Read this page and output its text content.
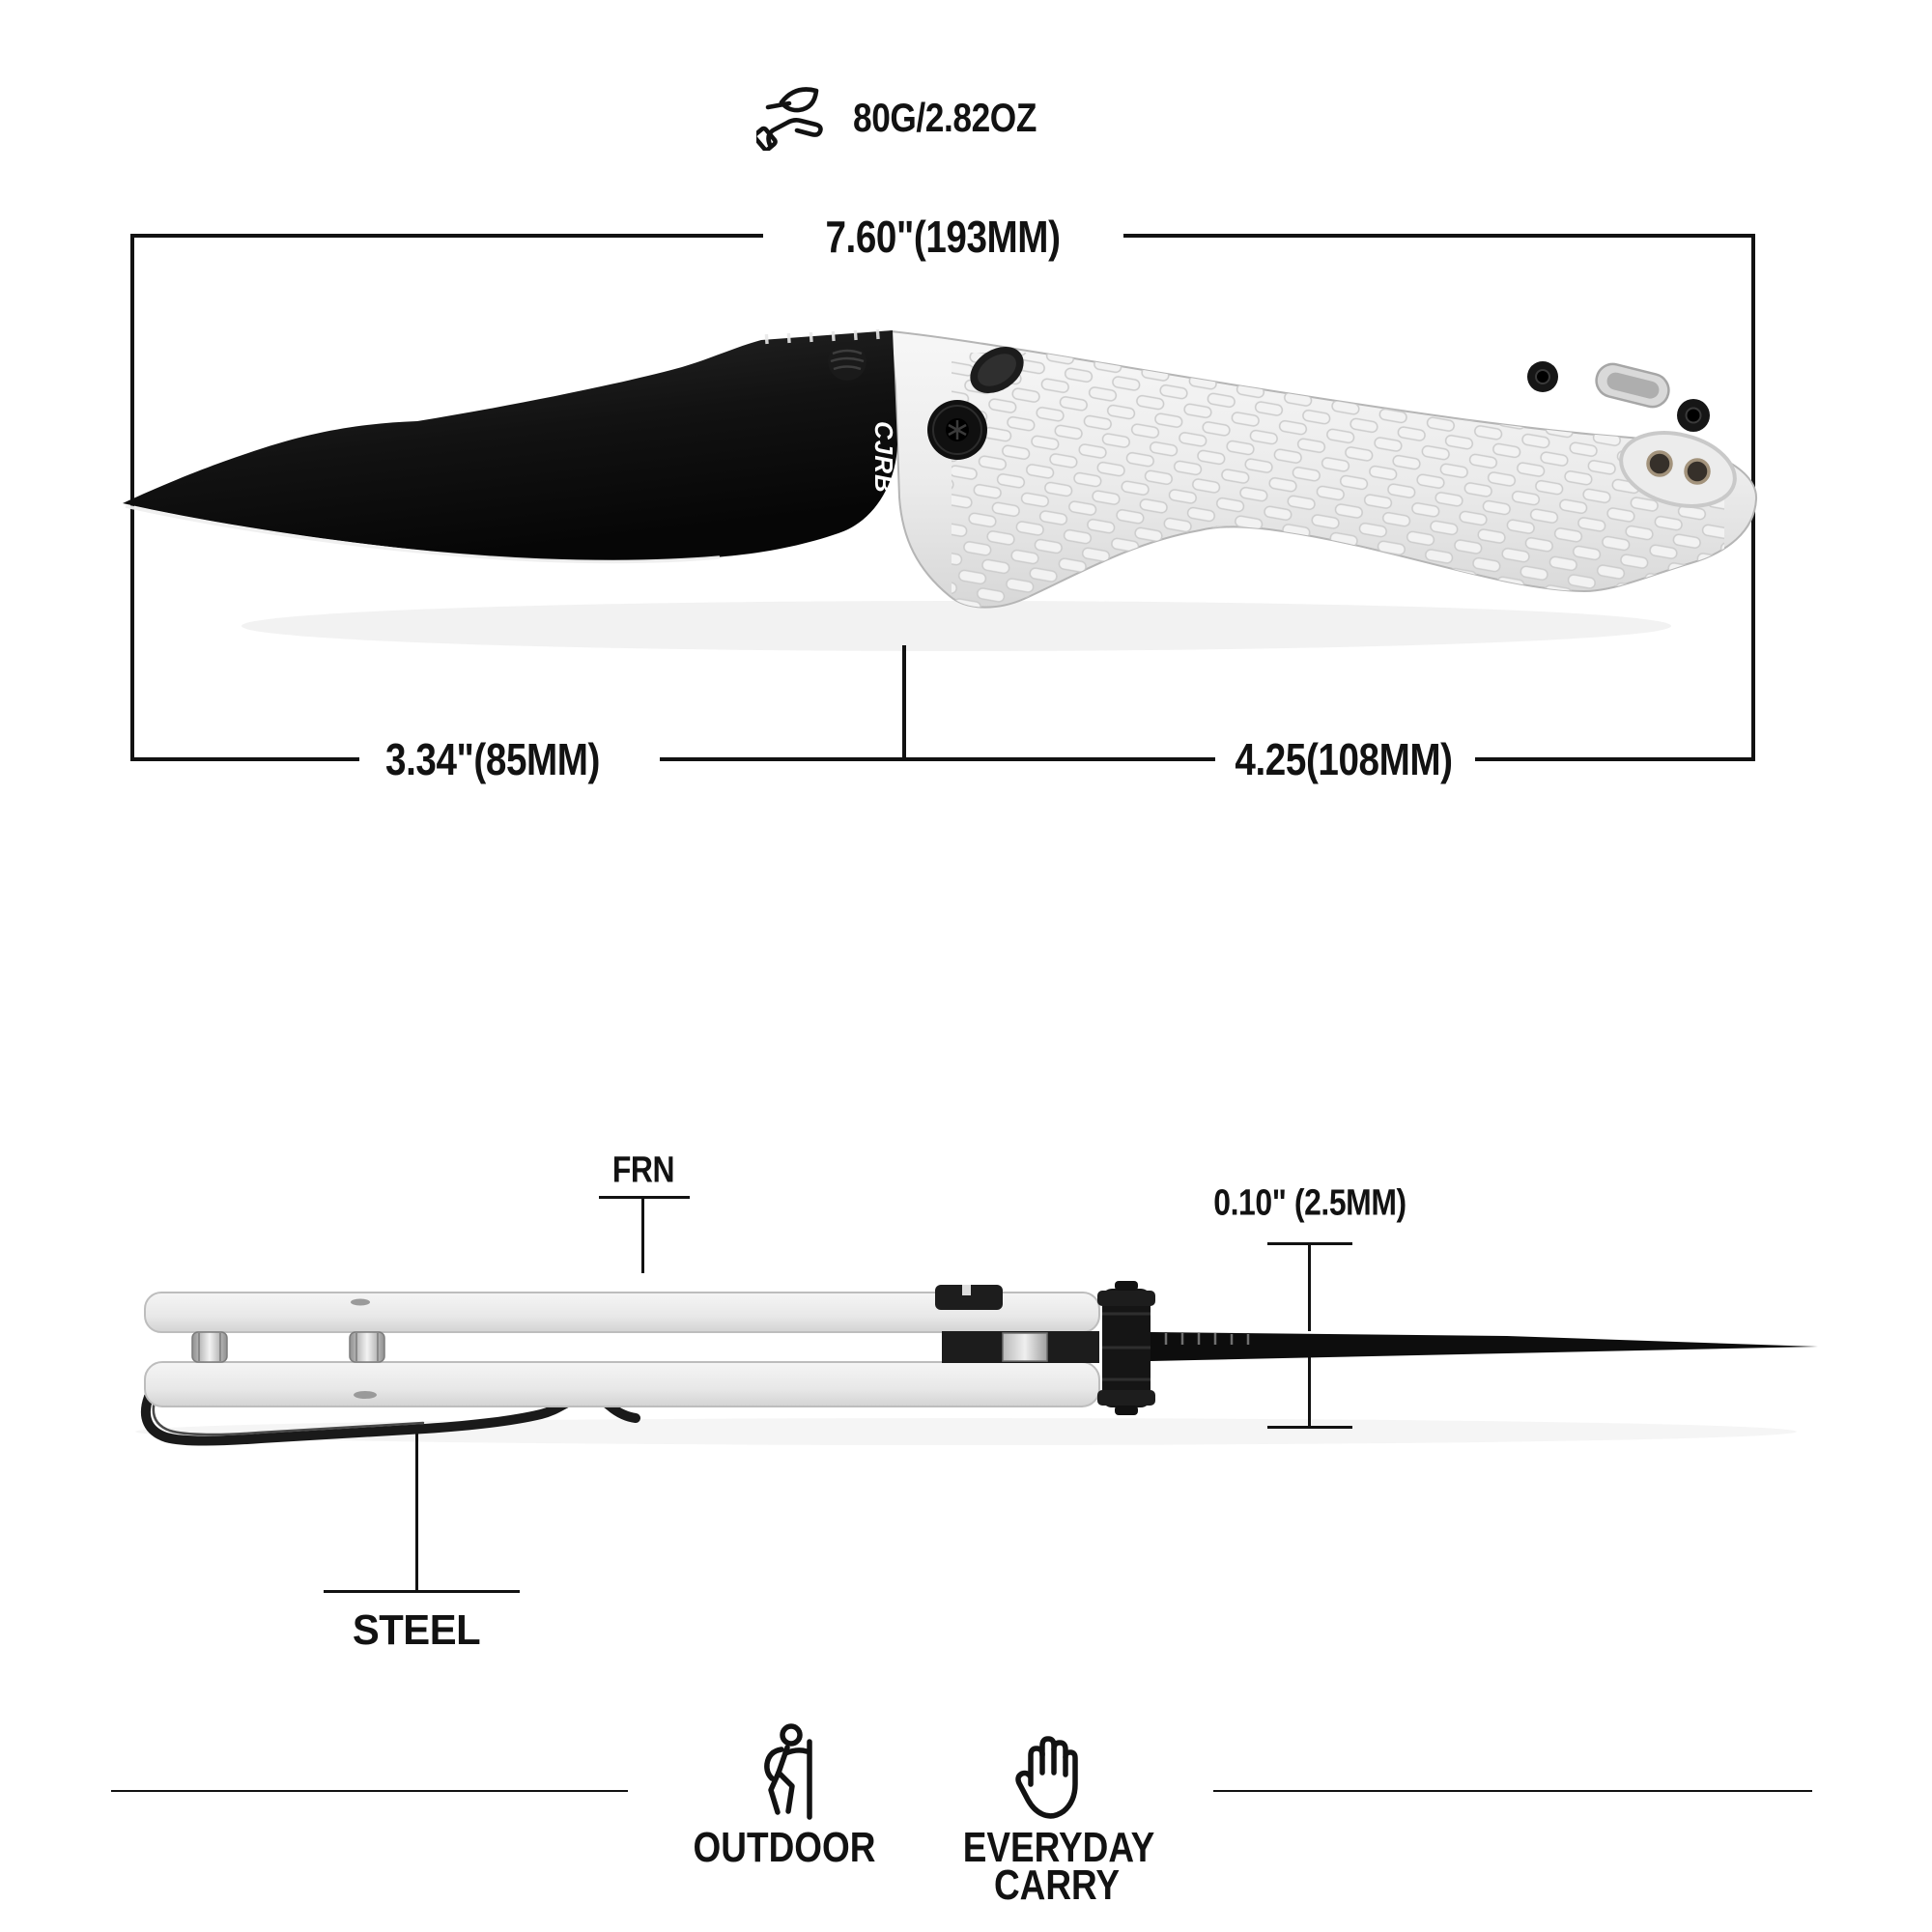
CJRB
80G/2.82OZ
7.60"(193MM)
3.34"(85MM)	4.25(108MM)
FRN
0.10" (2.5MM)
STEEL
OUTDOOR EVERYDAY
CARRY
